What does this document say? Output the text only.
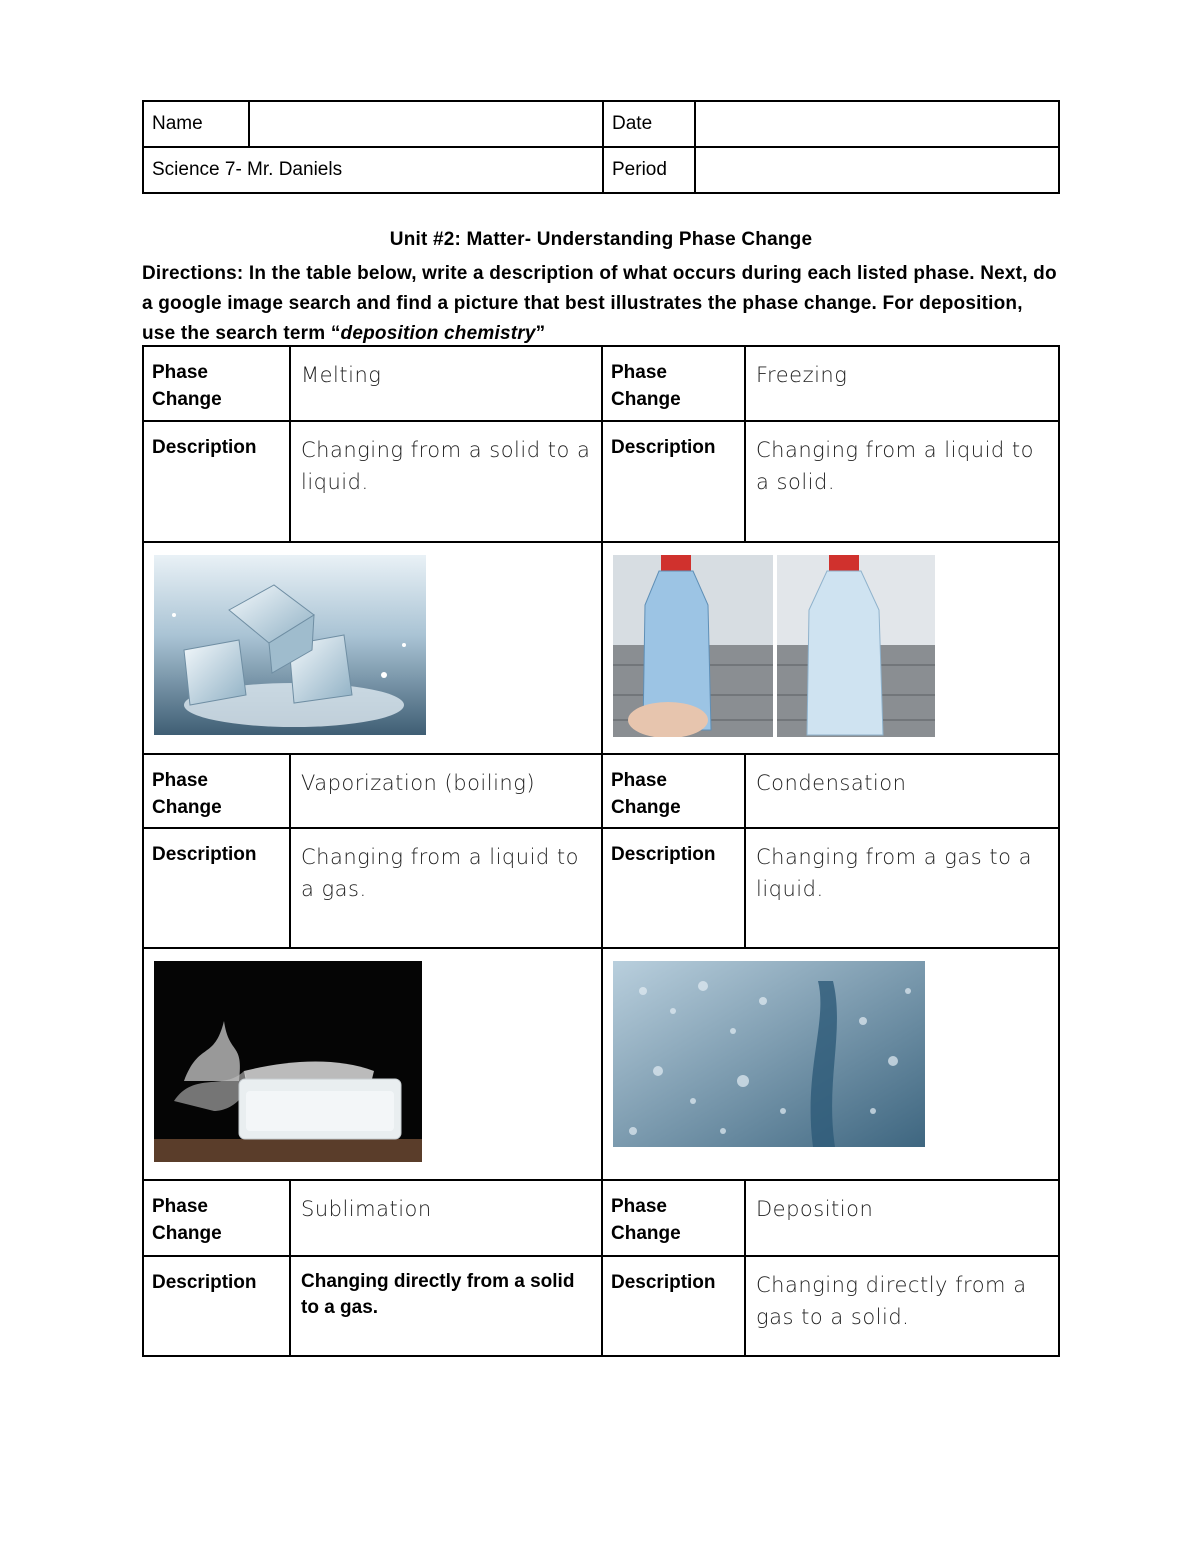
Name		Date	
Science 7- Mr. Daniels		Period	
Unit #2: Matter- Understanding Phase Change
Directions: In the table below, write a description of what occurs during each listed phase. Next, do a google image search and find a picture that best illustrates the phase change. For deposition, use the search term “deposition chemistry”
Phase Change	Melting	Phase Change	Freezing
Description	Changing from a solid to a liquid.	Description	Changing from a liquid to a solid.

Phase Change	Vaporization (boiling)	Phase Change	Condensation
Description	Changing from a liquid to a gas.	Description	Changing from a gas to a liquid.

Phase Change	Sublimation	Phase Change	Deposition
Description	Changing directly from a solid to a gas.	Description	Changing directly from a gas to a solid.
